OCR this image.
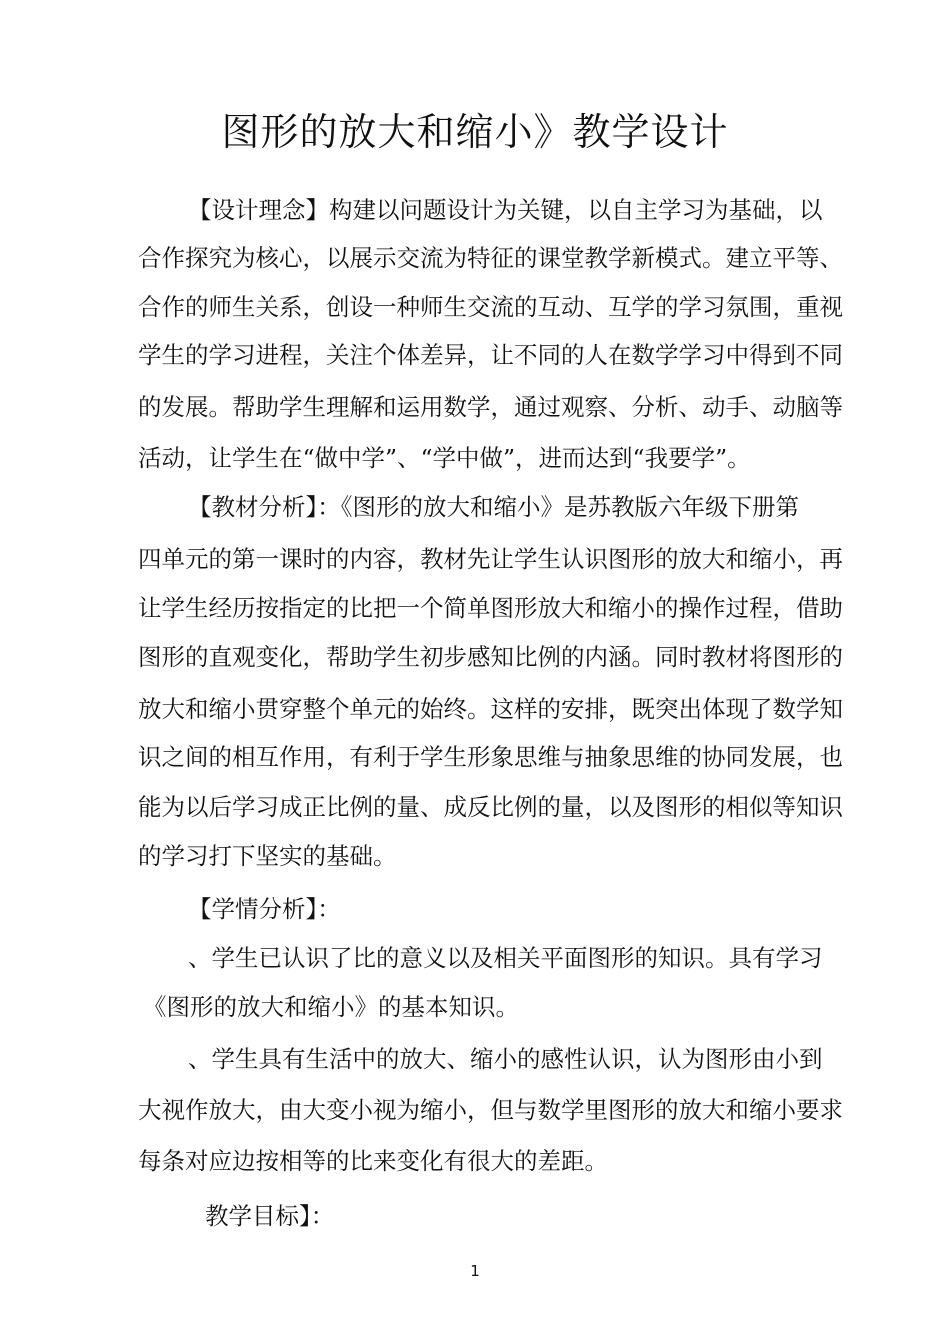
图形的放大和缩小》教学设计
【设计理念】构建以问题设计为关键，以自主学习为基础，以
合作探究为核心，以展示交流为特征的课堂教学新模式。建立平等、
合作的师生关系，创设一种师生交流的互动、互学的学习氛围，重视
学生的学习进程，关注个体差异，让不同的人在数学学习中得到不同
的发展。帮助学生理解和运用数学，通过观察、分析、动手、动脑等
活动，让学生在“做中学”、“学中做”，进而达到“我要学”。
【教材分析】：《图形的放大和缩小》是苏教版六年级下册第
四单元的第一课时的内容，教材先让学生认识图形的放大和缩小，再
让学生经历按指定的比把一个简单图形放大和缩小的操作过程，借助
图形的直观变化，帮助学生初步感知比例的内涵。同时教材将图形的
放大和缩小贯穿整个单元的始终。这样的安排，既突出体现了数学知
识之间的相互作用，有利于学生形象思维与抽象思维的协同发展，也
能为以后学习成正比例的量、成反比例的量，以及图形的相似等知识
的学习打下坚实的基础。
【学情分析】：
、学生已认识了比的意义以及相关平面图形的知识。具有学习
《图形的放大和缩小》的基本知识。
、学生具有生活中的放大、缩小的感性认识，认为图形由小到
大视作放大，由大变小视为缩小，但与数学里图形的放大和缩小要求
每条对应边按相等的比来变化有很大的差距。
教学目标】：
1
